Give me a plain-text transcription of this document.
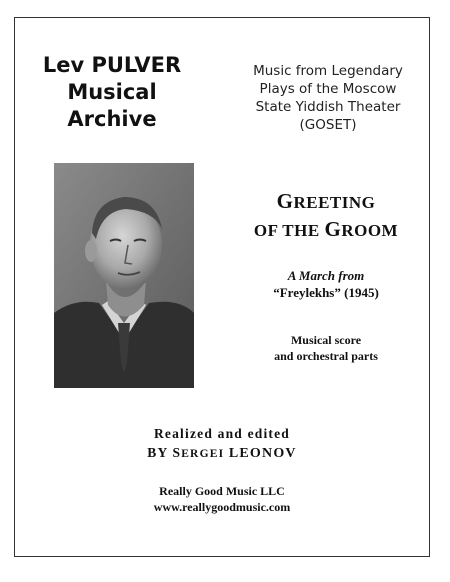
Lev PULVER
Musical
Archive
Music from Legendary
Plays of the Moscow
State Yiddish Theater
(GOSET)
GREETING
OF THE GROOM
A March from
“Freylekhs” (1945)
Musical score
and orchestral parts
Realized and edited
BY SERGEI LEONOV
Really Good Music LLC
www.reallygoodmusic.com
